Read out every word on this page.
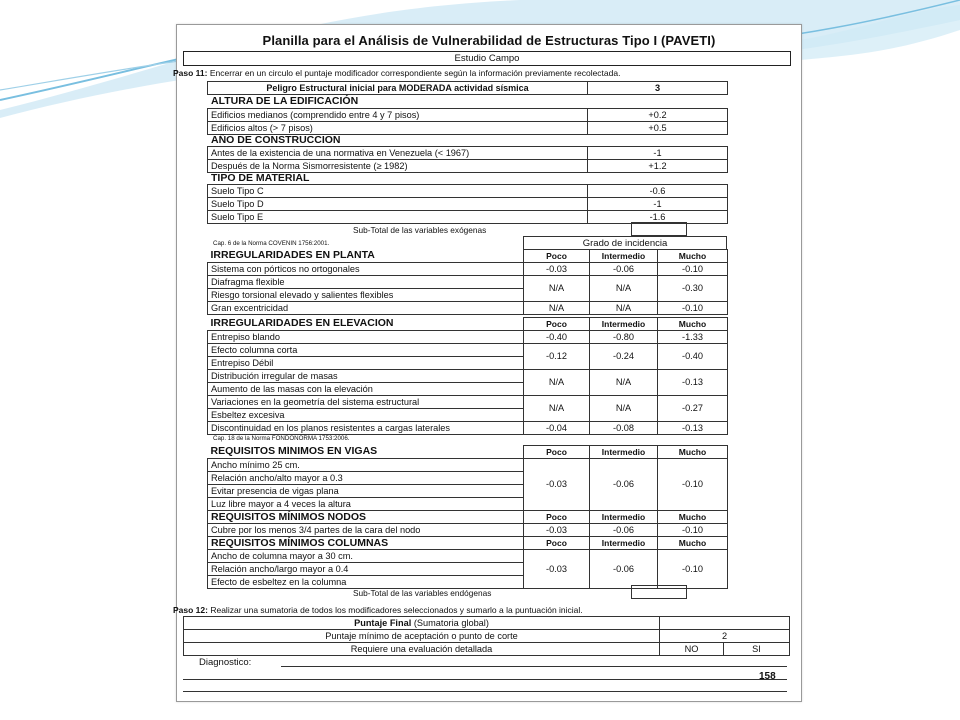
Planilla para el Análisis de Vulnerabilidad de Estructuras Tipo I (PAVETI)
Estudio Campo
Paso 11: Encerrar en un circulo el puntaje modificador correspondiente según la información previamente recolectada.
Peligro Estructural inicial para MODERADA actividad sísmica	3
ALTURA DE LA EDIFICACIÓN
Edificios medianos (comprendido entre 4 y 7 pisos)	+0.2
Edificios altos (> 7 pisos)	+0.5
AÑO DE CONSTRUCCION
Antes de la existencia de una normativa en Venezuela (< 1967)	-1
Después de la Norma Sismorresistente (≥ 1982)	+1.2
TIPO DE MATERIAL
Suelo Tipo C	-0.6
Suelo Tipo D	-1
Suelo Tipo E	-1.6
Sub-Total de las variables exógenas
Cap. 6 de la Norma COVENIN 1756:2001.	Grado de incidencia
IRREGULARIDADES EN PLANTA	Poco	Intermedio	Mucho
Sistema con pórticos no ortogonales	-0.03	-0.06	-0.10
Diafragma flexible	N/A	N/A	-0.30
Riesgo torsional elevado y salientes flexibles			
Gran excentricidad	N/A	N/A	-0.10
IRREGULARIDADES EN ELEVACION	Poco	Intermedio	Mucho
Entrepiso blando	-0.40	-0.80	-1.33
Efecto columna corta	-0.12	-0.24	-0.40
Entrepiso Débil			
Distribución irregular de masas	N/A	N/A	-0.13
Aumento de las masas con la elevación			
Variaciones en la geometría del sistema estructural	N/A	N/A	-0.27
Esbeltez excesiva			
Discontinuidad en los planos resistentes a cargas laterales	-0.04	-0.08	-0.13
Cap. 18 de la Norma FONDONORMA 1753:2006.
REQUISITOS MÍNIMOS EN VIGAS	Poco	Intermedio	Mucho
Ancho mínimo 25 cm.	-0.03	-0.06	-0.10
Relación ancho/alto mayor a 0.3			
Evitar presencia de vigas plana			
Luz libre mayor a 4 veces la altura			
REQUISITOS MÍNIMOS NODOS	Poco	Intermedio	Mucho
Cubre por los menos 3/4 partes de la cara del nodo	-0.03	-0.06	-0.10
REQUISITOS MÍNIMOS COLUMNAS	Poco	Intermedio	Mucho
Ancho de columna mayor a 30 cm.	-0.03	-0.06	-0.10
Relación ancho/largo mayor a 0.4			
Efecto de esbeltez en la columna			
Sub-Total de las variables endógenas
Paso 12: Realizar una sumatoria de todos los modificadores seleccionados y sumarlo a la puntuación inicial.
Puntaje Final (Sumatoria global)		
Puntaje mínimo de aceptación o punto de corte	2	
Requiere una evaluación detallada	NO	SI
Diagnostico:
158
